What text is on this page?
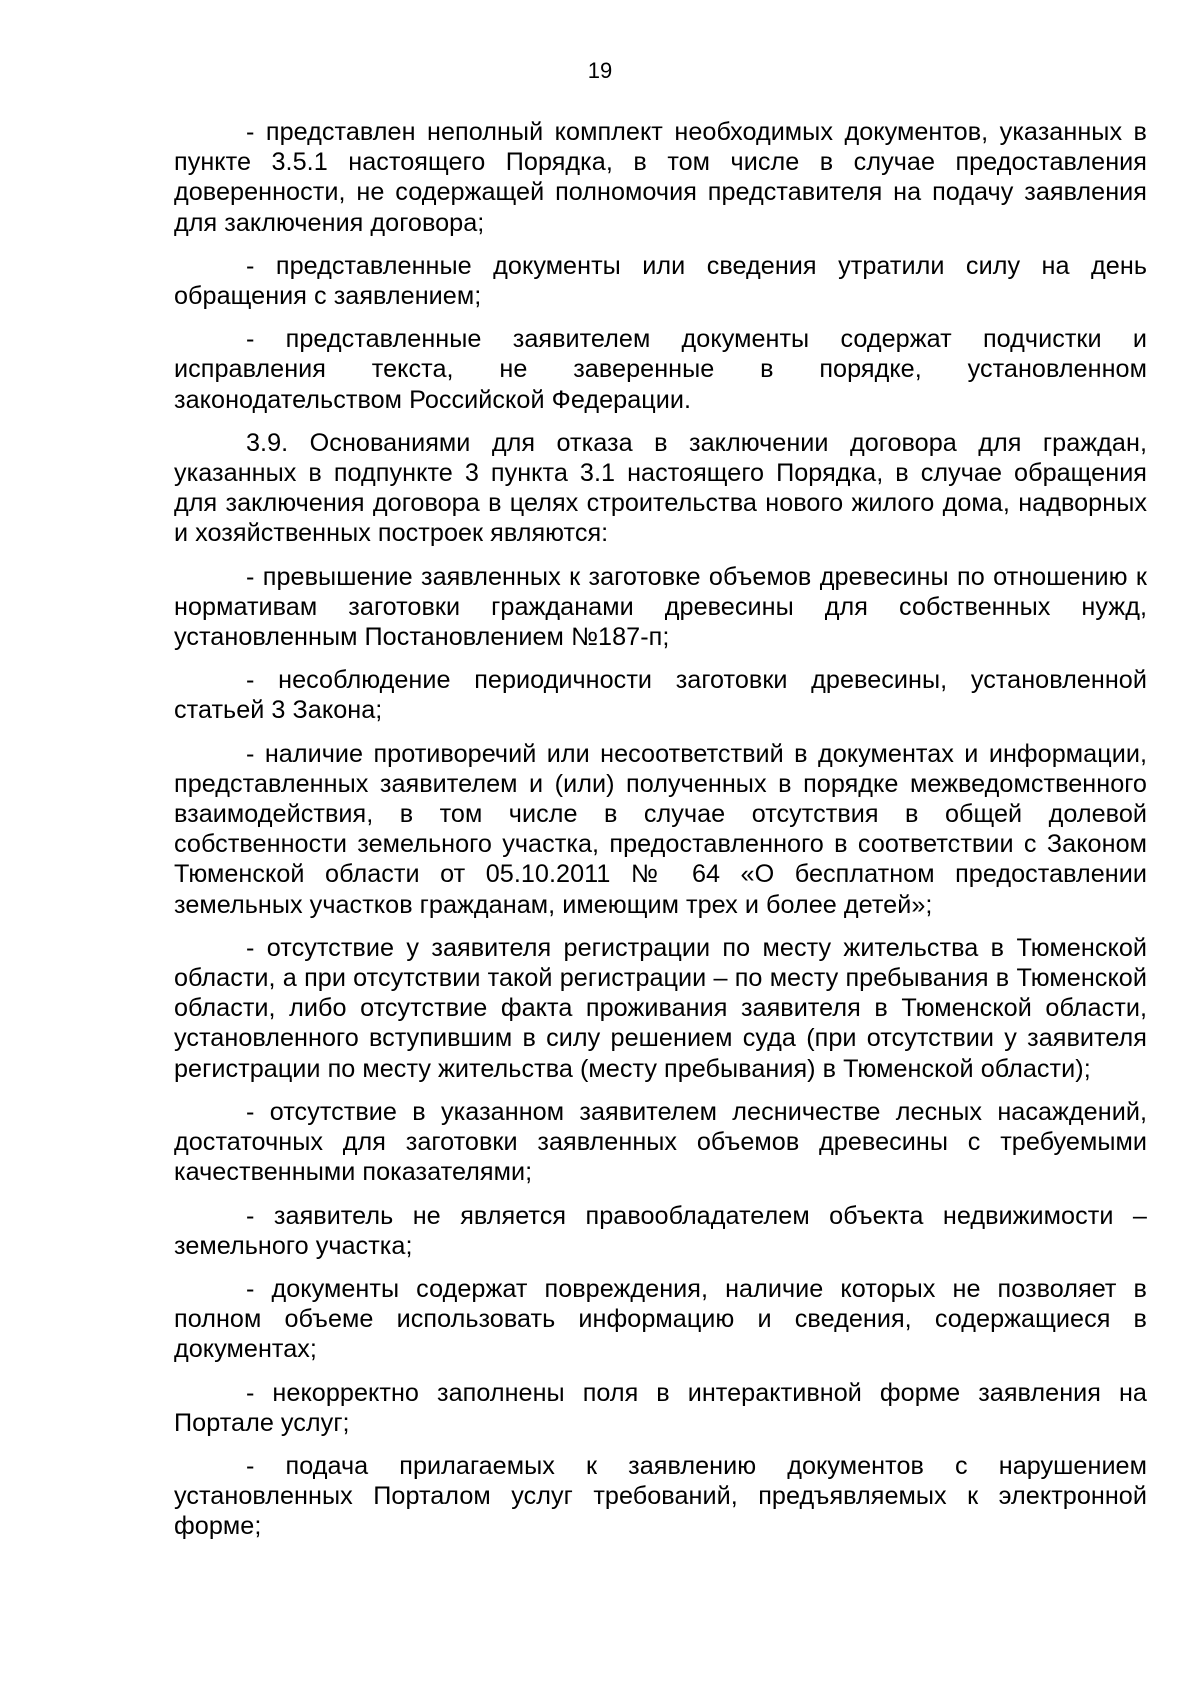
19

- представлен неполный комплект необходимых документов, указанных в пункте 3.5.1 настоящего Порядка, в том числе в случае предоставления доверенности, не содержащей полномочия представителя на подачу заявления для заключения договора;

- представленные документы или сведения утратили силу на день обращения с заявлением;

- представленные заявителем документы содержат подчистки и исправления текста, не заверенные в порядке, установленном законодательством Российской Федерации.

3.9. Основаниями для отказа в заключении договора для граждан, указанных в подпункте 3 пункта 3.1 настоящего Порядка, в случае обращения для заключения договора в целях строительства нового жилого дома, надворных и хозяйственных построек являются:

- превышение заявленных к заготовке объемов древесины по отношению к нормативам заготовки гражданами древесины для собственных нужд, установленным Постановлением №187-п;

- несоблюдение периодичности заготовки древесины, установленной статьей 3 Закона;

- наличие противоречий или несоответствий в документах и информации, представленных заявителем и (или) полученных в порядке межведомственного взаимодействия, в том числе в случае отсутствия в общей долевой собственности земельного участка, предоставленного в соответствии с Законом Тюменской области от 05.10.2011 № 64 «О бесплатном предоставлении земельных участков гражданам, имеющим трех и более детей»;

- отсутствие у заявителя регистрации по месту жительства в Тюменской области, а при отсутствии такой регистрации – по месту пребывания в Тюменской области, либо отсутствие факта проживания заявителя в Тюменской области, установленного вступившим в силу решением суда (при отсутствии у заявителя регистрации по месту жительства (месту пребывания) в Тюменской области);

- отсутствие в указанном заявителем лесничестве лесных насаждений, достаточных для заготовки заявленных объемов древесины с требуемыми качественными показателями;

- заявитель не является правообладателем объекта недвижимости – земельного участка;

- документы содержат повреждения, наличие которых не позволяет в полном объеме использовать информацию и сведения, содержащиеся в документах;

- некорректно заполнены поля в интерактивной форме заявления на Портале услуг;

- подача прилагаемых к заявлению документов с нарушением установленных Порталом услуг требований, предъявляемых к электронной форме;
